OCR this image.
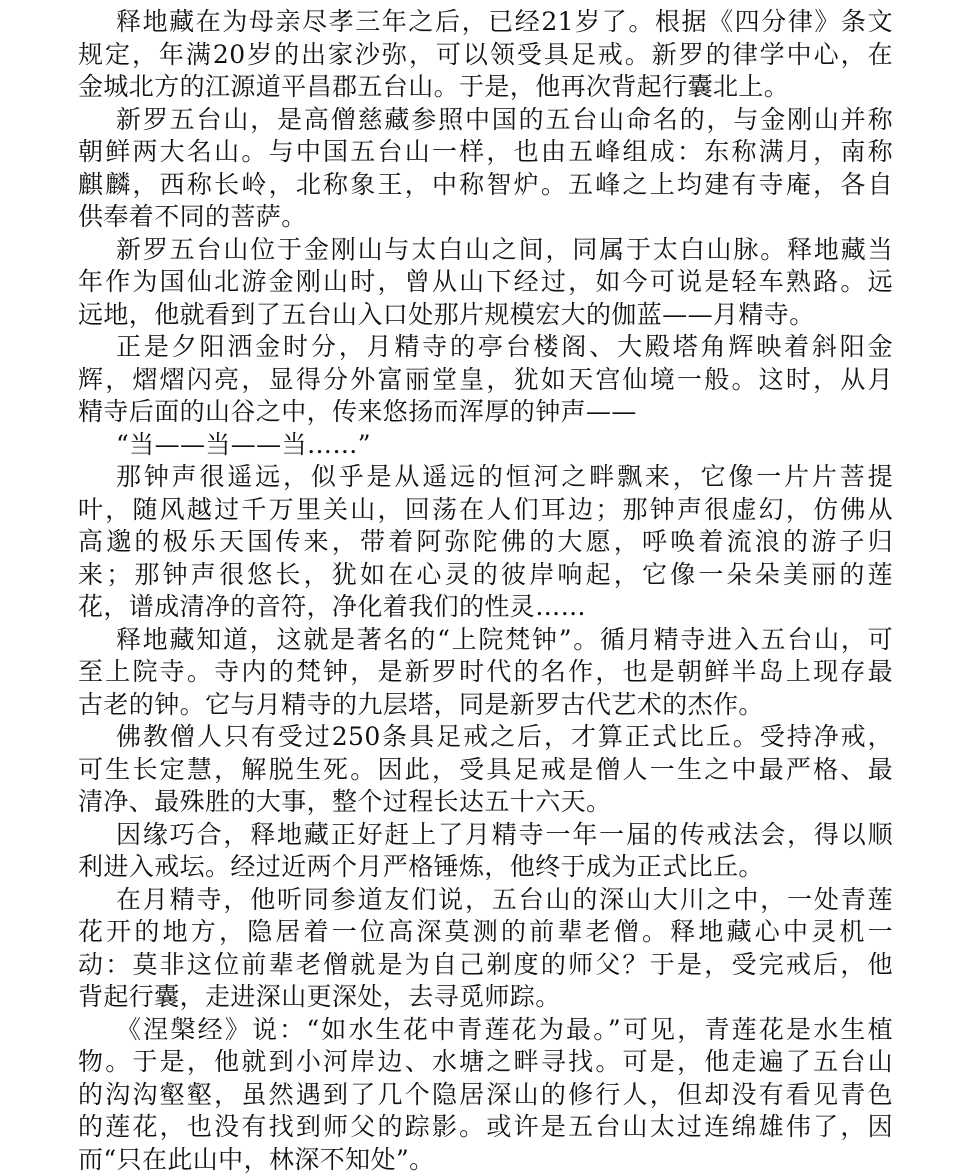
释地藏在为母亲尽孝三年之后，已经21岁了。根据《四分律》条文
规定，年满20岁的出家沙弥，可以领受具足戒。新罗的律学中心，在
金城北方的江源道平昌郡五台山。于是，他再次背起行囊北上。
新罗五台山，是高僧慈藏参照中国的五台山命名的，与金刚山并称
朝鲜两大名山。与中国五台山一样，也由五峰组成：东称满月，南称
麒麟，西称长岭，北称象王，中称智炉。五峰之上均建有寺庵，各自
供奉着不同的菩萨。
新罗五台山位于金刚山与太白山之间，同属于太白山脉。释地藏当
年作为国仙北游金刚山时，曾从山下经过，如今可说是轻车熟路。远
远地，他就看到了五台山入口处那片规模宏大的伽蓝——月精寺。
正是夕阳洒金时分，月精寺的亭台楼阁、大殿塔角辉映着斜阳金
辉，熠熠闪亮，显得分外富丽堂皇，犹如天宫仙境一般。这时，从月
精寺后面的山谷之中，传来悠扬而浑厚的钟声——
“当——当——当……”
那钟声很遥远，似乎是从遥远的恒河之畔飘来，它像一片片菩提
叶，随风越过千万里关山，回荡在人们耳边；那钟声很虚幻，仿佛从
高邈的极乐天国传来，带着阿弥陀佛的大愿，呼唤着流浪的游子归
来；那钟声很悠长，犹如在心灵的彼岸响起，它像一朵朵美丽的莲
花，谱成清净的音符，净化着我们的性灵……
释地藏知道，这就是著名的“上院梵钟”。循月精寺进入五台山，可
至上院寺。寺内的梵钟，是新罗时代的名作，也是朝鲜半岛上现存最
古老的钟。它与月精寺的九层塔，同是新罗古代艺术的杰作。
佛教僧人只有受过250条具足戒之后，才算正式比丘。受持净戒，
可生长定慧，解脱生死。因此，受具足戒是僧人一生之中最严格、最
清净、最殊胜的大事，整个过程长达五十六天。
因缘巧合，释地藏正好赶上了月精寺一年一届的传戒法会，得以顺
利进入戒坛。经过近两个月严格锤炼，他终于成为正式比丘。
在月精寺，他听同参道友们说，五台山的深山大川之中，一处青莲
花开的地方，隐居着一位高深莫测的前辈老僧。释地藏心中灵机一
动：莫非这位前辈老僧就是为自己剃度的师父？于是，受完戒后，他
背起行囊，走进深山更深处，去寻觅师踪。
《涅槃经》说：“如水生花中青莲花为最。”可见，青莲花是水生植
物。于是，他就到小河岸边、水塘之畔寻找。可是，他走遍了五台山
的沟沟壑壑，虽然遇到了几个隐居深山的修行人，但却没有看见青色
的莲花，也没有找到师父的踪影。或许是五台山太过连绵雄伟了，因
而“只在此山中，林深不知处”。
